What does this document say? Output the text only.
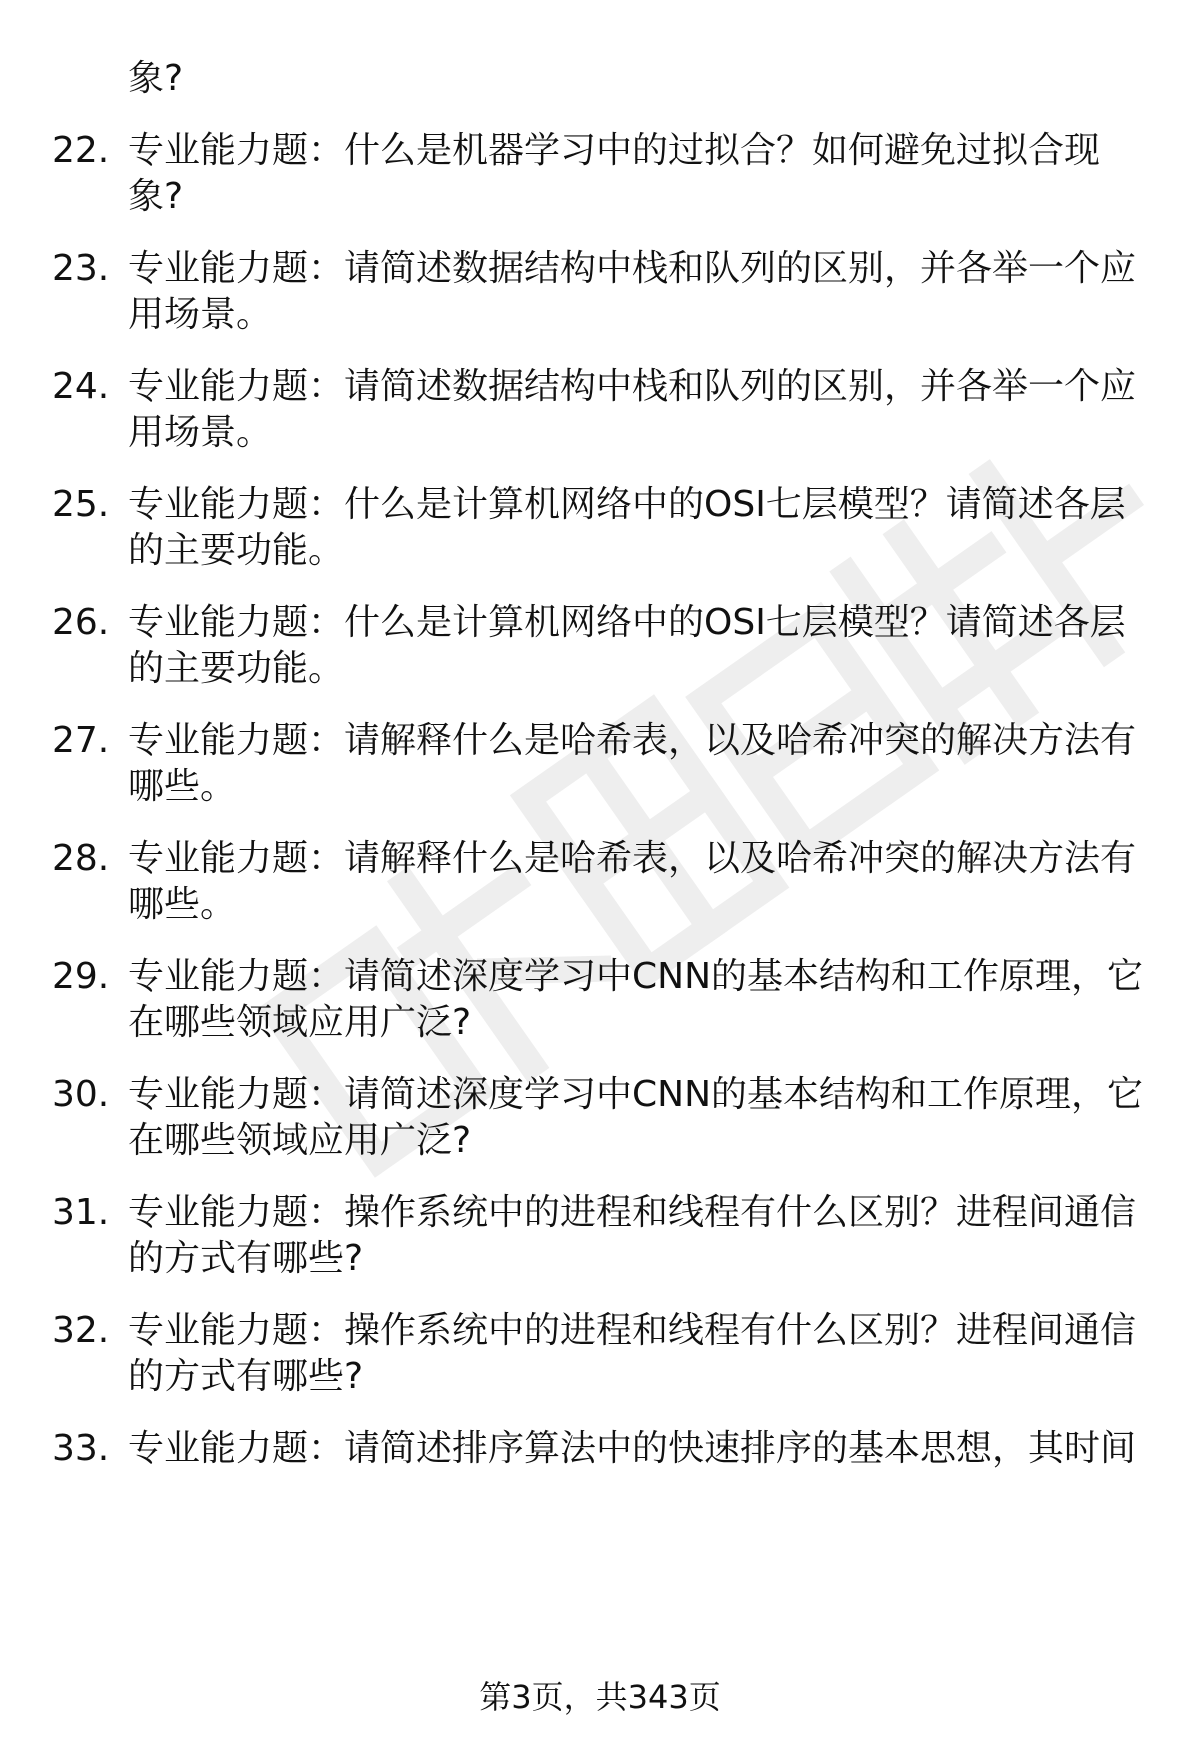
象?
22. 专业能力题：什么是机器学习中的过拟合？如何避免过拟合现
象?
23. 专业能力题：请简述数据结构中栈和队列的区别，并各举一个应
用场景。
24. 专业能力题：请简述数据结构中栈和队列的区别，并各举一个应
用场景。
25. 专业能力题：什么是计算机网络中的OSI七层模型？请简述各层
的主要功能。
26. 专业能力题：什么是计算机网络中的OSI七层模型？请简述各层
的主要功能。
27. 专业能力题：请解释什么是哈希表，以及哈希冲突的解决方法有
哪些。
28. 专业能力题：请解释什么是哈希表，以及哈希冲突的解决方法有
哪些。
29. 专业能力题：请简述深度学习中CNN的基本结构和工作原理，它
在哪些领域应用广泛?
30. 专业能力题：请简述深度学习中CNN的基本结构和工作原理，它
在哪些领域应用广泛?
31. 专业能力题：操作系统中的进程和线程有什么区别？进程间通信
的方式有哪些?
32. 专业能力题：操作系统中的进程和线程有什么区别？进程间通信
的方式有哪些?
33. 专业能力题：请简述排序算法中的快速排序的基本思想，其时间
第3页，共343页
